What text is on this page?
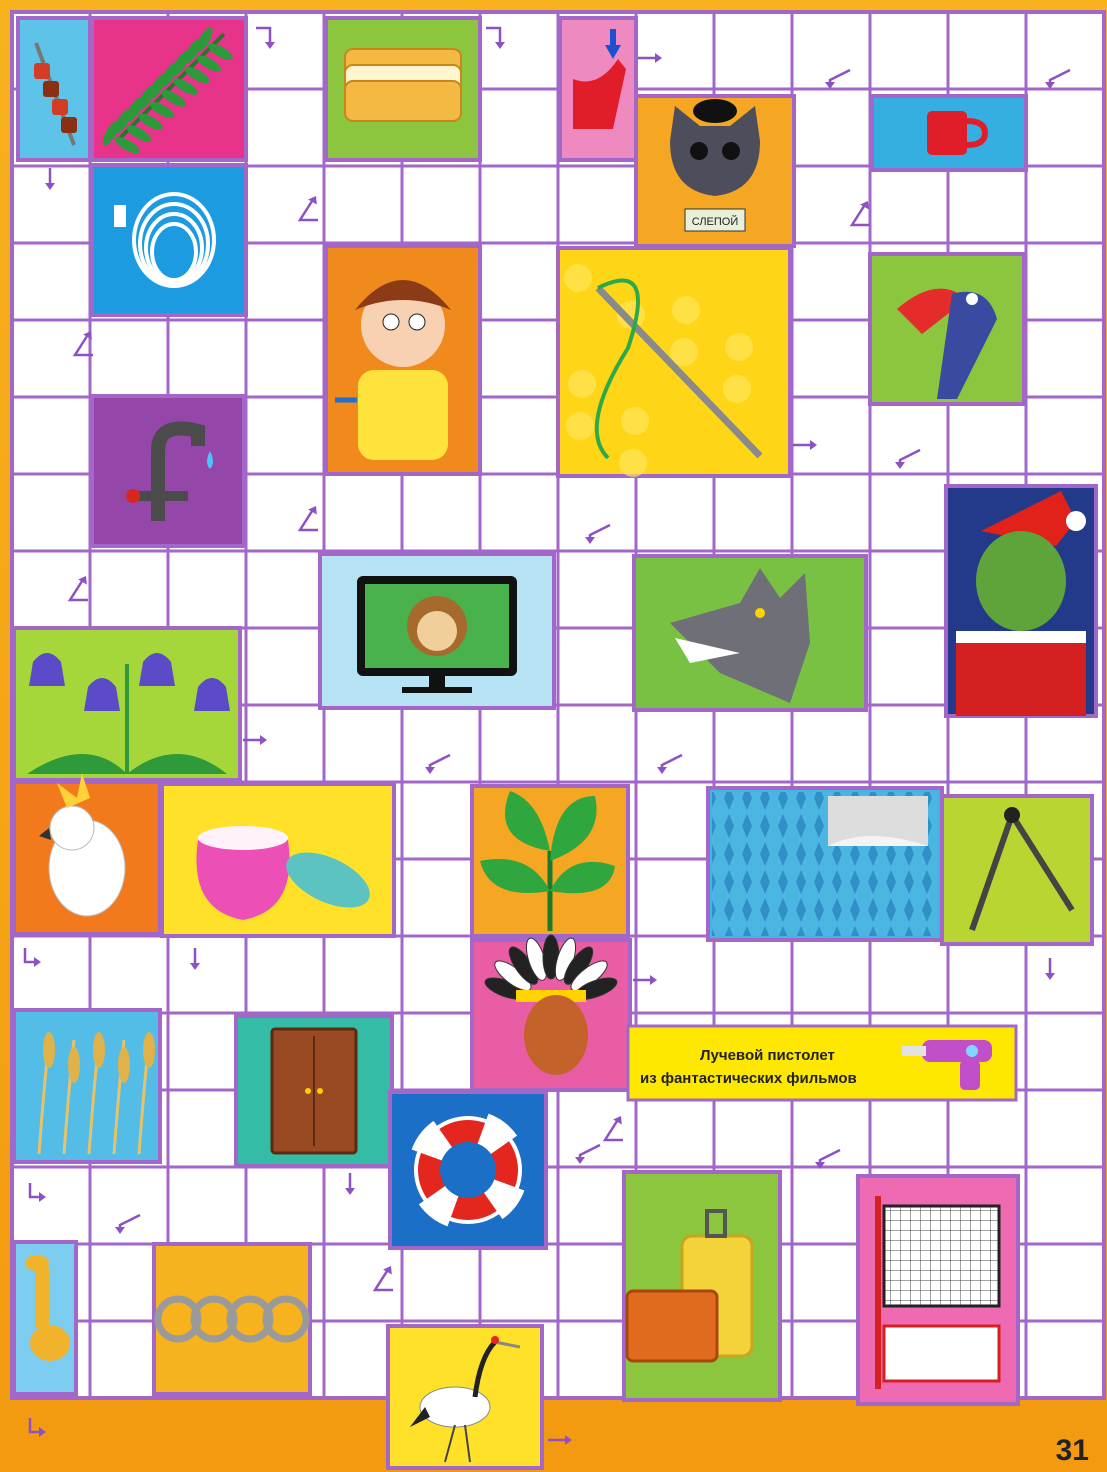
СЛЕПОЙ
Лучевой пистолет
из фантастических фильмов
31
